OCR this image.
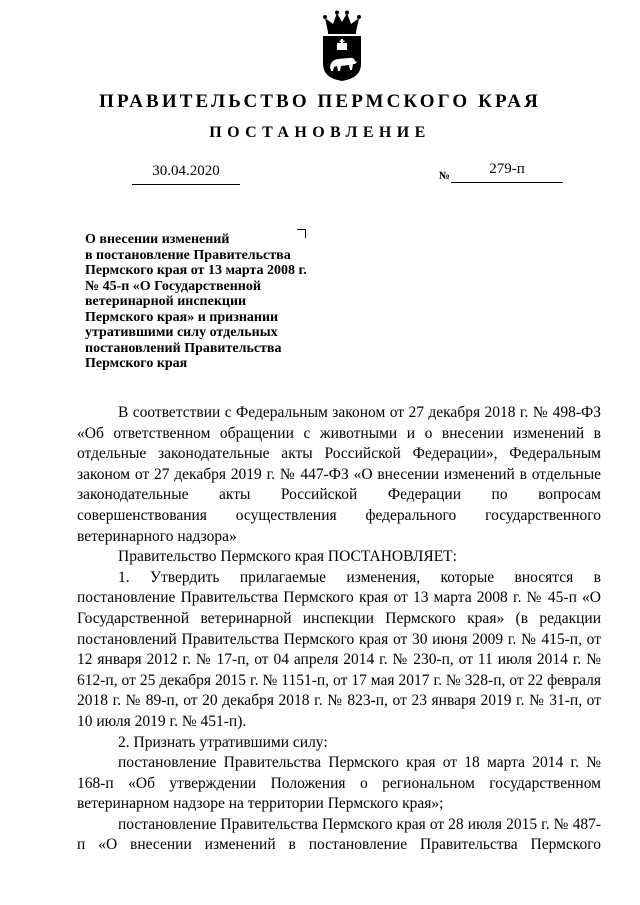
ПРАВИТЕЛЬСТВО ПЕРМСКОГО КРАЯ
ПОСТАНОВЛЕНИЕ
30.04.2020	№	279-п
О внесении изменений
в постановление Правительства
Пермского края от 13 марта 2008 г.
№ 45-п «О Государственной
ветеринарной инспекции
Пермского края» и признании
утратившими силу отдельных
постановлений Правительства
Пермского края

В соответствии с Федеральным законом от 27 декабря 2018 г. № 498-ФЗ «Об ответственном обращении с животными и о внесении изменений в отдельные законодательные акты Российской Федерации», Федеральным законом от 27 декабря 2019 г. № 447-ФЗ «О внесении изменений в отдельные законодательные акты Российской Федерации по вопросам совершенствования осуществления федерального государственного ветеринарного надзора»

Правительство Пермского края ПОСТАНОВЛЯЕТ:

1. Утвердить прилагаемые изменения, которые вносятся в постановление Правительства Пермского края от 13 марта 2008 г. № 45-п «О Государственной ветеринарной инспекции Пермского края» (в редакции постановлений Правительства Пермского края от 30 июня 2009 г. № 415-п, от 12 января 2012 г. № 17-п, от 04 апреля 2014 г. № 230-п, от 11 июля 2014 г. № 612-п, от 25 декабря 2015 г. № 1151-п, от 17 мая 2017 г. № 328-п, от 22 февраля 2018 г. № 89-п, от 20 декабря 2018 г. № 823-п, от 23 января 2019 г. № 31-п, от 10 июля 2019 г. № 451-п).

2. Признать утратившими силу:

постановление Правительства Пермского края от 18 марта 2014 г. № 168-п «Об утверждении Положения о региональном государственном ветеринарном надзоре на территории Пермского края»;

постановление Правительства Пермского края от 28 июля 2015 г. № 487-п «О внесении изменений в постановление Правительства Пермского
